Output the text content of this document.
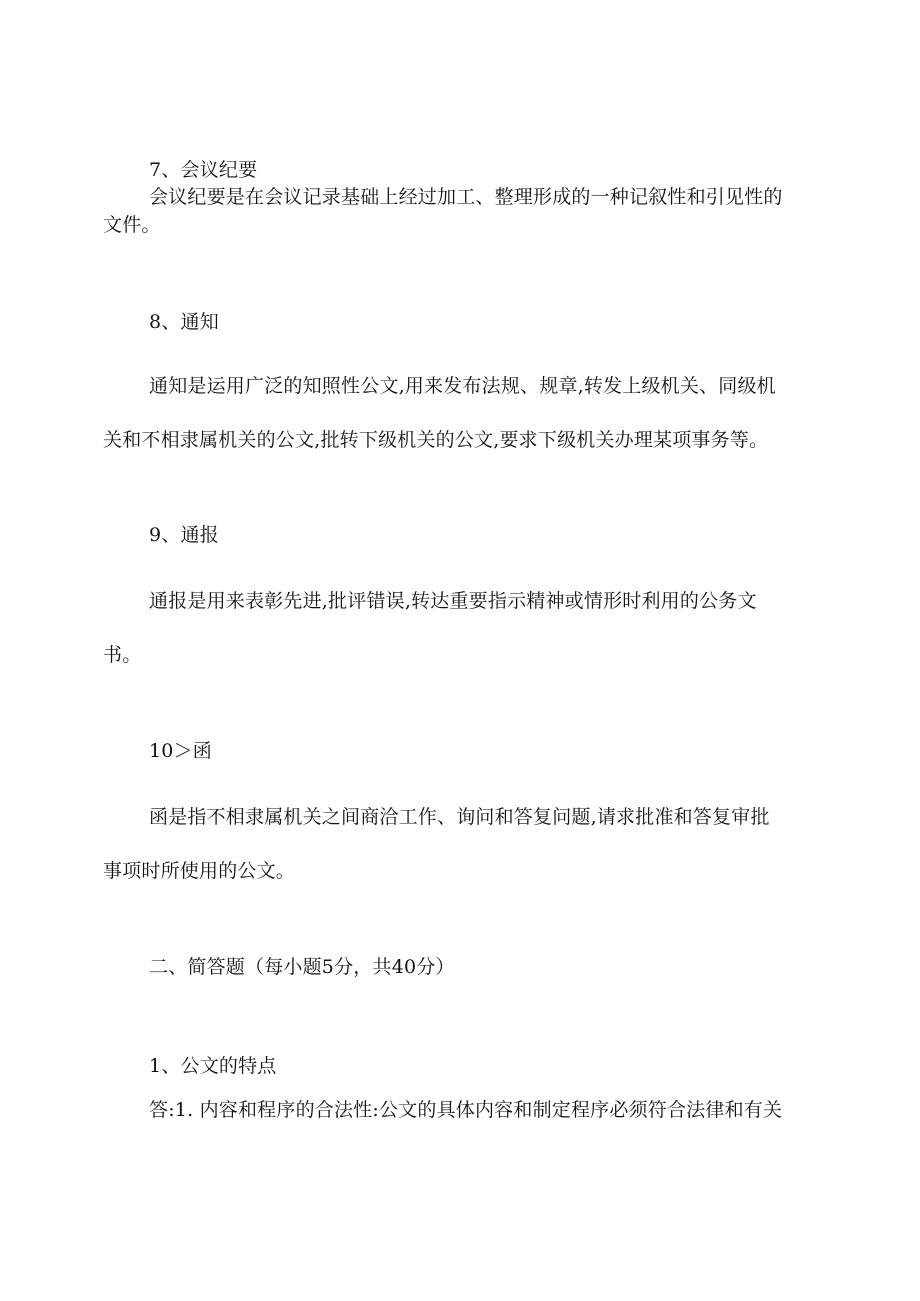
7、会议纪要
会议纪要是在会议记录基础上经过加工、整理形成的一种记叙性和引见性的
文件。
8、通知
通知是运用广泛的知照性公文,用来发布法规、规章,转发上级机关、同级机
关和不相隶属机关的公文,批转下级机关的公文,要求下级机关办理某项事务等。
9、通报
通报是用来表彰先进,批评错误,转达重要指示精神或情形时利用的公务文
书。
10＞函
函是指不相隶属机关之间商洽工作、询问和答复问题,请求批准和答复审批
事项时所使用的公文。
二、简答题（每小题5分，共40分）
1、公文的特点
答:1. 内容和程序的合法性:公文的具体内容和制定程序必须符合法律和有关
